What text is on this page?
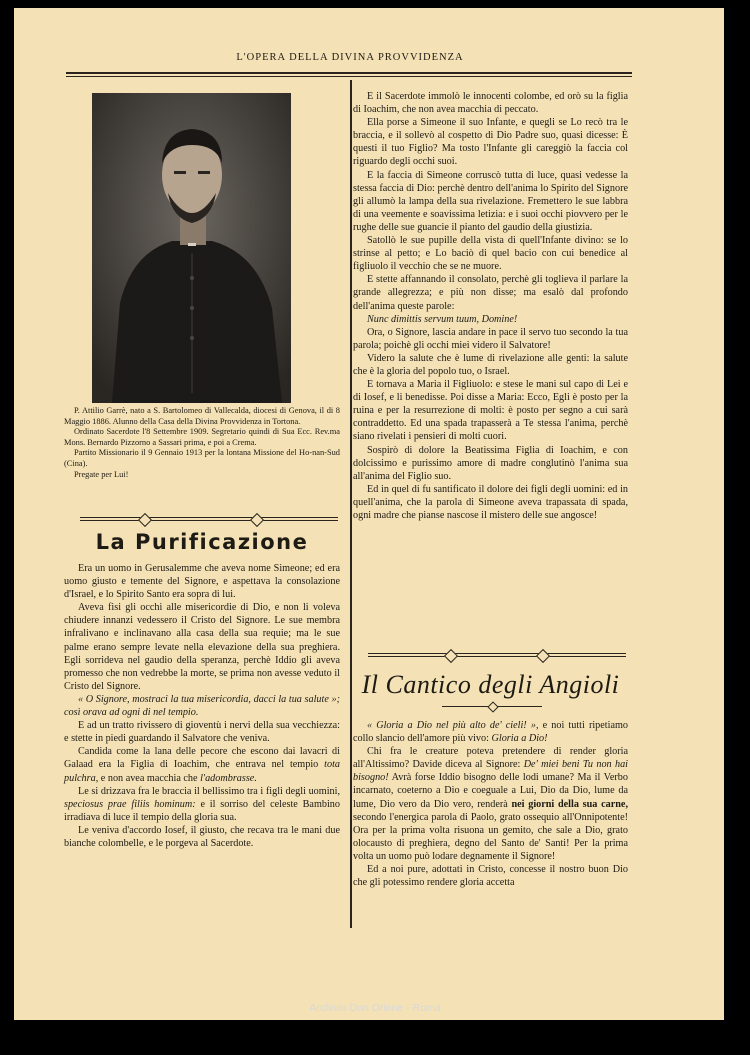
L'OPERA DELLA DIVINA PROVVIDENZA

P. Attilio Garrè, nato a S. Bartolomeo di Vallecalda, diocesi di Genova, il di 8 Maggio 1886. Alunno della Casa della Divina Provvidenza in Tortona.

Ordinato Sacerdote l'8 Settembre 1909. Segretario quindi di Sua Ecc. Rev.ma Mons. Bernardo Pizzorno a Sassari prima, e poi a Crema.

Partito Missionario il 9 Gennaio 1913 per la lontana Missione del Ho-nan-Sud (Cina).

Pregate per Lui!

La Purificazione

Era un uomo in Gerusalemme che aveva nome Simeone; ed era uomo giusto e temente del Signore, e aspettava la consolazione d'Israel, e lo Spirito Santo era sopra di lui.

Aveva fisi gli occhi alle misericordie di Dio, e non li voleva chiudere innanzi vedessero il Cristo del Signore. Le sue membra infralivano e inclinavano alla casa della sua requie; ma le sue palme erano sempre levate nella elevazione della sua preghiera. Egli sorrideva nel gaudio della speranza, perchè Iddio gli aveva promesso che non vedrebbe la morte, se prima non avesse veduto il Cristo del Signore.

« O Signore, mostraci la tua misericordia, dacci la tua salute »; così orava ad ogni di nel tempio.

E ad un tratto rivissero di gioventù i nervi della sua vecchiezza: e stette in piedi guardando il Salvatore che veniva.

Candida come la lana delle pecore che escono dai lavacri di Galaad era la Figlia di Ioachim, che entrava nel tempio tota pulchra, e non avea macchia che l'adombrasse.

Le si drizzava fra le braccia il bellissimo tra i figli degli uomini, speciosus prae filiis hominum: e il sorriso del celeste Bambino irradiava di luce il tempio della gloria sua.

Le veniva d'accordo Iosef, il giusto, che recava tra le mani due bianche colombelle, e le porgeva al Sacerdote.

E il Sacerdote immolò le innocenti colombe, ed orò su la figlia di Ioachim, che non avea macchia di peccato.

Ella porse a Simeone il suo Infante, e quegli se Lo recò tra le braccia, e il sollevò al cospetto di Dio Padre suo, quasi dicesse: È questi il tuo Figlio? Ma tosto l'Infante gli careggiò la faccia col riguardo degli occhi suoi.

E la faccia di Simeone corruscò tutta di luce, quasi vedesse la stessa faccia di Dio: perchè dentro dell'anima lo Spirito del Signore gli allumò la lampa della sua rivelazione. Fremettero le sue labbra di una veemente e soavissima letizia: e i suoi occhi piovvero per le rughe delle sue guancie il pianto del gaudio della giustizia.

Satollò le sue pupille della vista di quell'Infante divino: se lo strinse al petto; e Lo baciò di quel bacio con cui benedice al figliuolo il vecchio che se ne muore.

E stette affannando il consolato, perchè gli toglieva il parlare la grande allegrezza; e più non disse; ma esalò dal profondo dell'anima queste parole:

Nunc dimittis servum tuum, Domine!

Ora, o Signore, lascia andare in pace il servo tuo secondo la tua parola; poichè gli occhi miei videro il Salvatore!

Videro la salute che è lume di rivelazione alle genti: la salute che è la gloria del popolo tuo, o Israel.

E tornava a Maria il Figliuolo: e stese le mani sul capo di Lei e di Iosef, e li benedisse. Poi disse a Maria: Ecco, Egli è posto per la ruina e per la resurrezione di molti: è posto per segno a cui sarà contraddetto. Ed una spada trapasserà a Te stessa l'anima, perchè siano rivelati i pensieri di molti cuori.

Sospirò di dolore la Beatissima Figlia di Ioachim, e con dolcissimo e purissimo amore di madre conglutinò l'anima sua all'anima del Figlio suo.

Ed in quel di fu santificato il dolore dei figli degli uomini: ed in quell'anima, che la parola di Simeone aveva trapassata di spada, ogni madre che pianse nascose il mistero delle sue angosce!

Il Cantico degli Angioli

« Gloria a Dio nel più alto de' cieli! », e noi tutti ripetiamo collo slancio dell'amore più vivo: Gloria a Dio!

Chi fra le creature poteva pretendere di render gloria all'Altissimo? Davide diceva al Signore: De' miei beni Tu non hai bisogno! Avrà forse Iddio bisogno delle lodi umane? Ma il Verbo incarnato, coeterno a Dio e coeguale a Lui, Dio da Dio, lume da lume, Dio vero da Dio vero, renderà nei giorni della sua carne, secondo l'energica parola di Paolo, grato ossequio all'Onnipotente! Ora per la prima volta risuona un gemito, che sale a Dio, grato olocausto di preghiera, degno del Santo de' Santi! Per la prima volta un uomo può lodare degnamente il Signore!

Ed a noi pure, adottati in Cristo, concesse il nostro buon Dio che gli potessimo rendere gloria accetta

Archivio Don Orione - Roma
